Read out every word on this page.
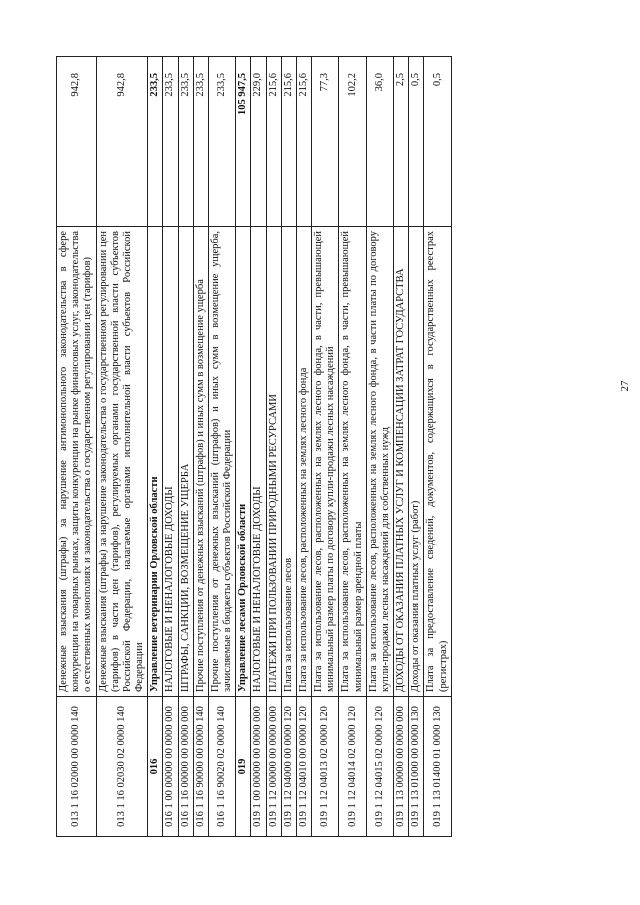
27
013 1 16 02000 00 0000 140	Денежные взыскания (штрафы) за нарушение антимонопольного законодательства в сфере конкуренции на товарных рынках, защиты конкуренции на рынке финансовых услуг, законодательства о естественных монополиях и законодательства о государственном регулировании цен (тарифов)	942,8
013 1 16 02030 02 0000 140	Денежные взыскания (штрафы) за нарушение законодательства о государственном регулировании цен (тарифов) в части цен (тарифов), регулируемых органами государственной власти субъектов Российской Федерации, налагаемые органами исполнительной власти субъектов Российской Федерации	942,8
016	Управление ветеринарии Орловской области	233,5
016 1 00 00000 00 0000 000	НАЛОГОВЫЕ И НЕНАЛОГОВЫЕ ДОХОДЫ	233,5
016 1 16 00000 00 0000 000	ШТРАФЫ, САНКЦИИ, ВОЗМЕЩЕНИЕ УЩЕРБА	233,5
016 1 16 90000 00 0000 140	Прочие поступления от денежных взысканий (штрафов) и иных сумм в возмещение ущерба	233,5
016 1 16 90020 02 0000 140	Прочие поступления от денежных взысканий (штрафов) и иных сумм в возмещение ущерба, зачисляемые в бюджеты субъектов Российской Федерации	233,5
019	Управление лесами Орловской области	105 947,5
019 1 00 00000 00 0000 000	НАЛОГОВЫЕ И НЕНАЛОГОВЫЕ ДОХОДЫ	229,0
019 1 12 00000 00 0000 000	ПЛАТЕЖИ ПРИ ПОЛЬЗОВАНИИ ПРИРОДНЫМИ РЕСУРСАМИ	215,6
019 1 12 04000 00 0000 120	Плата за использование лесов	215,6
019 1 12 04010 00 0000 120	Плата за использование лесов, расположенных на землях лесного фонда	215,6
019 1 12 04013 02 0000 120	Плата за использование лесов, расположенных на землях лесного фонда, в части, превышающей минимальный размер платы по договору купли-продажи лесных насаждений	77,3
019 1 12 04014 02 0000 120	Плата за использование лесов, расположенных на землях лесного фонда, в части, превышающей минимальный размер арендной платы	102,2
019 1 12 04015 02 0000 120	Плата за использование лесов, расположенных на землях лесного фонда, в части платы по договору купли-продажи лесных насаждений для собственных нужд	36,0
019 1 13 00000 00 0000 000	ДОХОДЫ ОТ ОКАЗАНИЯ ПЛАТНЫХ УСЛУГ И КОМПЕНСАЦИИ ЗАТРАТ ГОСУДАРСТВА	2,5
019 1 13 01000 00 0000 130	Доходы от оказания платных услуг (работ)	0,5
019 1 13 01400 01 0000 130	Плата за предоставление сведений, документов, содержащихся в государственных реестрах (регистрах)	0,5
